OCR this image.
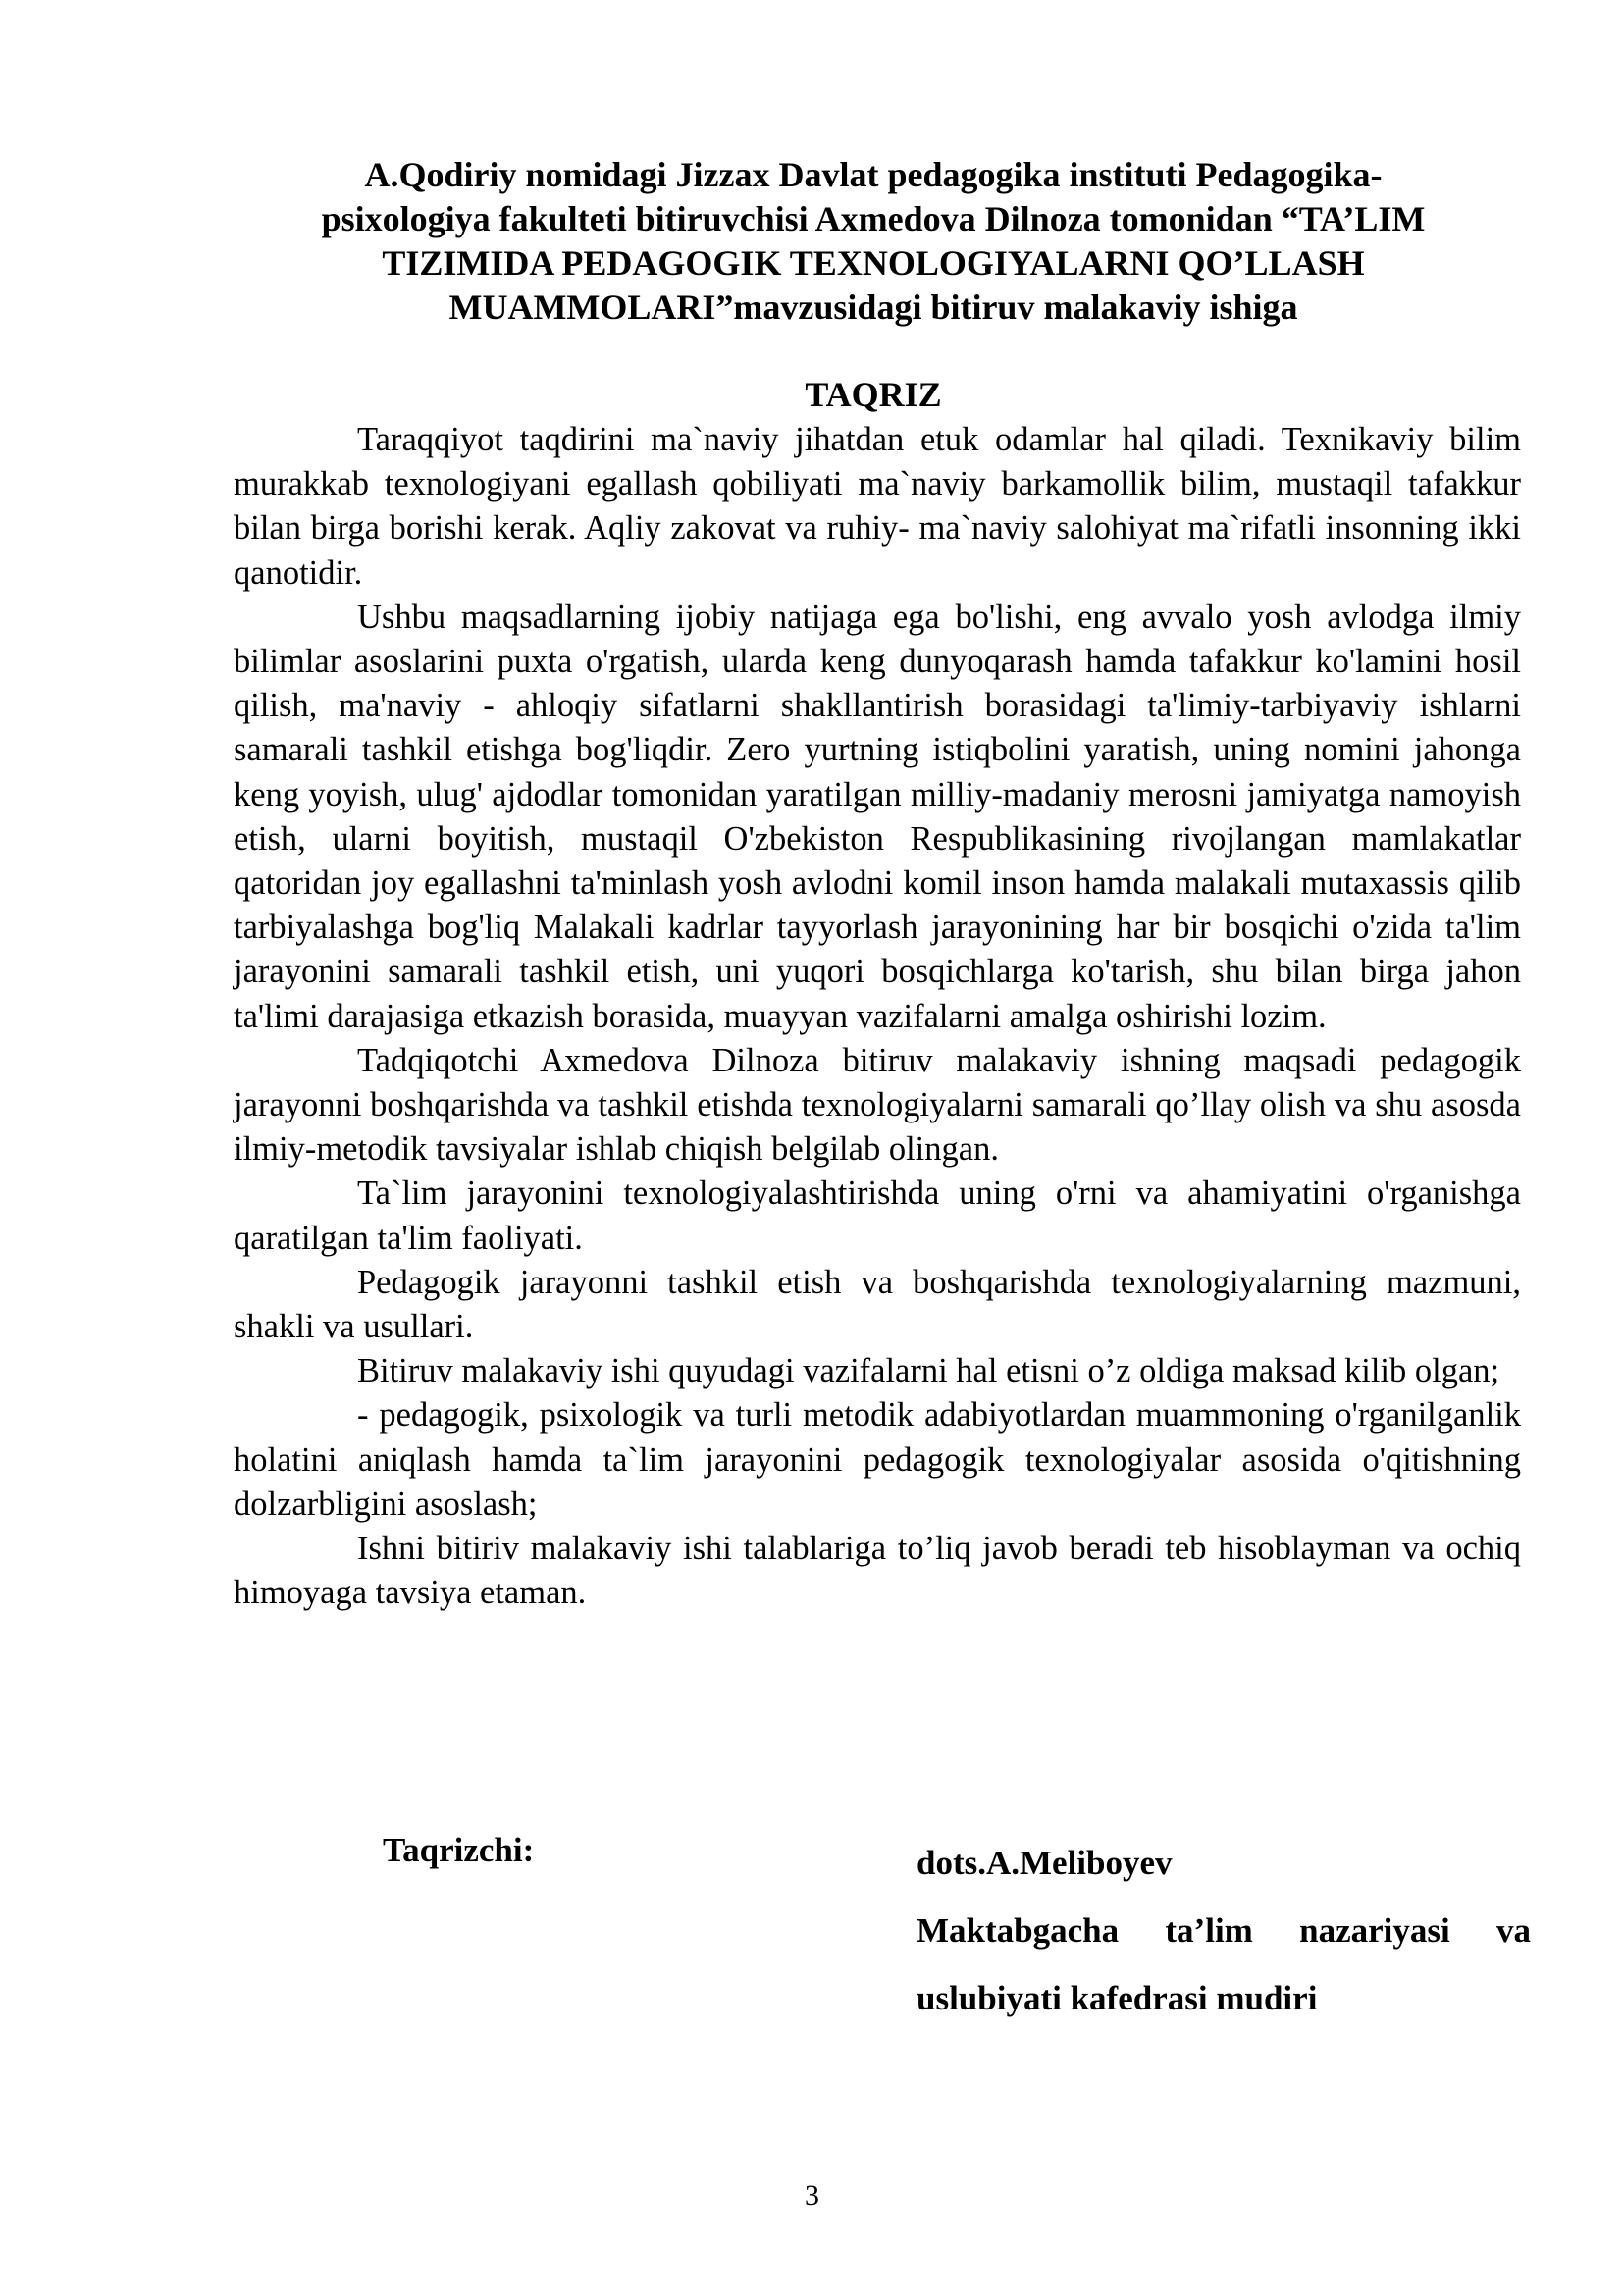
A.Qodiriy nomidagi Jizzax Davlat pedagogika instituti Pedagogika-
psixologiya fakulteti bitiruvchisi Axmedova Dilnoza tomonidan “TA’LIM
TIZIMIDA PEDAGOGIK TEXNOLOGIYALARNI QO’LLASH
MUAMMOLARI”mavzusidagi bitiruv malakaviy ishiga
TAQRIZ

Taraqqiyot taqdirini ma`naviy jihatdan etuk odamlar hal qiladi. Texnikaviy bilim murakkab texnologiyani egallash qobiliyati ma`naviy barkamollik bilim, mustaqil tafakkur bilan birga borishi kerak. Aqliy zakovat va ruhiy- ma`naviy salohiyat ma`rifatli insonning ikki qanotidir.

Ushbu maqsadlarning ijobiy natijaga ega bo'lishi, eng avvalo yosh avlodga ilmiy bilimlar asoslarini puxta o'rgatish, ularda keng dunyoqarash hamda tafakkur ko'lamini hosil qilish, ma'naviy - ahloqiy sifatlarni shakllantirish borasidagi ta'limiy-tarbiyaviy ishlarni samarali tashkil etishga bog'liqdir. Zero yurtning istiqbolini yaratish, uning nomini jahonga keng yoyish, ulug' ajdodlar tomonidan yaratilgan milliy-madaniy merosni jamiyatga namoyish etish, ularni boyitish, mustaqil O'zbekiston Respublikasining rivojlangan mamlakatlar qatoridan joy egallashni ta'minlash yosh avlodni komil inson hamda malakali mutaxassis qilib tarbiyalashga bog'liq Malakali kadrlar tayyorlash jarayonining har bir bosqichi o'zida ta'lim jarayonini samarali tashkil etish, uni yuqori bosqichlarga ko'tarish, shu bilan birga jahon ta'limi darajasiga etkazish borasida, muayyan vazifalarni amalga oshirishi lozim.

Tadqiqotchi Axmedova Dilnoza bitiruv malakaviy ishning maqsadi pedagogik jarayonni boshqarishda va tashkil etishda texnologiyalarni samarali qo’llay olish va shu asosda ilmiy-metodik tavsiyalar ishlab chiqish belgilab olingan.

Ta`lim jarayonini texnologiyalashtirishda uning o'rni va ahamiyatini o'rganishga qaratilgan ta'lim faoliyati.

Pedagogik jarayonni tashkil etish va boshqarishda texnologiyalarning mazmuni, shakli va usullari.

Bitiruv malakaviy ishi quyudagi vazifalarni hal etisni o’z oldiga maksad kilib olgan;

- pedagogik, psixologik va turli metodik adabiyotlardan muammoning o'rganilganlik holatini aniqlash hamda ta`lim jarayonini pedagogik texnologiyalar asosida o'qitishning dolzarbligini asoslash;

Ishni bitiriv malakaviy ishi talablariga to’liq javob beradi teb hisoblayman va ochiq himoyaga tavsiya etaman.

Taqrizchi:	dots.A.Meliboyev
Maktabgacha ta’lim nazariyasi va
uslubiyati kafedrasi mudiri
3
